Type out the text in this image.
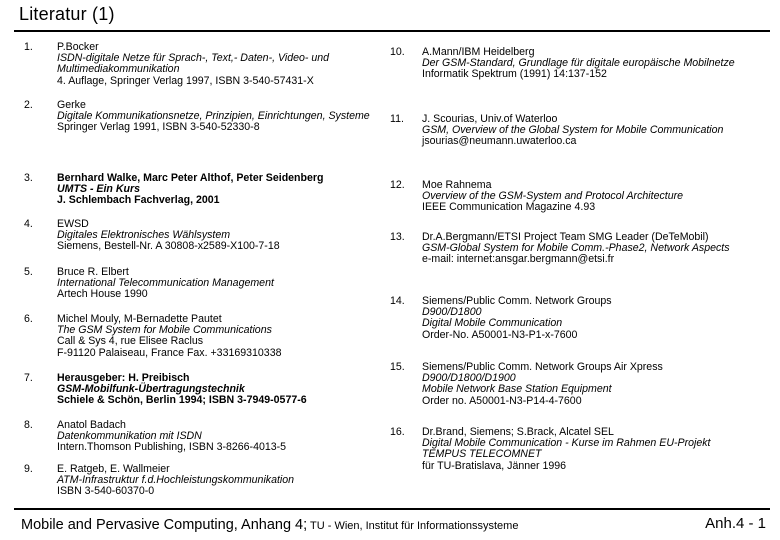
Literatur (1)
1. P.Bocker
ISDN-digitale Netze für Sprach-, Text,- Daten-, Video- und Multimediakommunikation
4. Auflage, Springer Verlag 1997, ISBN 3-540-57431-X
2. Gerke
Digitale Kommunikationsnetze, Prinzipien, Einrichtungen, Systeme
Springer Verlag 1991, ISBN 3-540-52330-8
3. Bernhard Walke, Marc Peter Althof, Peter Seidenberg
UMTS - Ein Kurs
J. Schlembach Fachverlag, 2001
4. EWSD
Digitales Elektronisches Wählsystem
Siemens, Bestell-Nr. A 30808-x2589-X100-7-18
5. Bruce R. Elbert
International Telecommunication Management
Artech House 1990
6. Michel Mouly, M-Bernadette Pautet
The GSM System for Mobile Communications
Call & Sys 4, rue Elisee Raclus
F-91120 Palaiseau, France Fax. +33169310338
7. Herausgeber: H. Preibisch
GSM-Mobilfunk-Übertragungstechnik
Schiele & Schön, Berlin 1994; ISBN 3-7949-0577-6
8. Anatol Badach
Datenkommunikation mit ISDN
Intern.Thomson Publishing, ISBN 3-8266-4013-5
9. E. Ratgeb, E. Wallmeier
ATM-Infrastruktur f.d.Hochleistungskommunikation
ISBN 3-540-60370-0
10. A.Mann/IBM Heidelberg
Der GSM-Standard, Grundlage für digitale europäische Mobilnetze
Informatik Spektrum (1991) 14:137-152
11. J. Scourias, Univ.of Waterloo
GSM, Overview of the Global System for Mobile Communication
jsourias@neumann.uwaterloo.ca
12. Moe Rahnema
Overview of the GSM-System and Protocol Architecture
IEEE Communication Magazine 4.93
13. Dr.A.Bergmann/ETSI Project Team SMG Leader (DeTeMobil)
GSM-Global System for Mobile Comm.-Phase2, Network Aspects
e-mail: internet:ansgar.bergmann@etsi.fr
14. Siemens/Public Comm. Network Groups
D900/D1800
Digital Mobile Communication
Order-No. A50001-N3-P1-x-7600
15. Siemens/Public Comm. Network Groups Air Xpress
D900/D1800/D1900
Mobile Network Base Station Equipment
Order no. A50001-N3-P14-4-7600
16. Dr.Brand, Siemens; S.Brack, Alcatel SEL
Digital Mobile Communication - Kurse im Rahmen EU-Projekt
TEMPUS TELECOMNET
für TU-Bratislava, Jänner 1996
Mobile and Pervasive Computing, Anhang 4; TU - Wien, Institut für Informationssysteme	Anh.4 - 1
